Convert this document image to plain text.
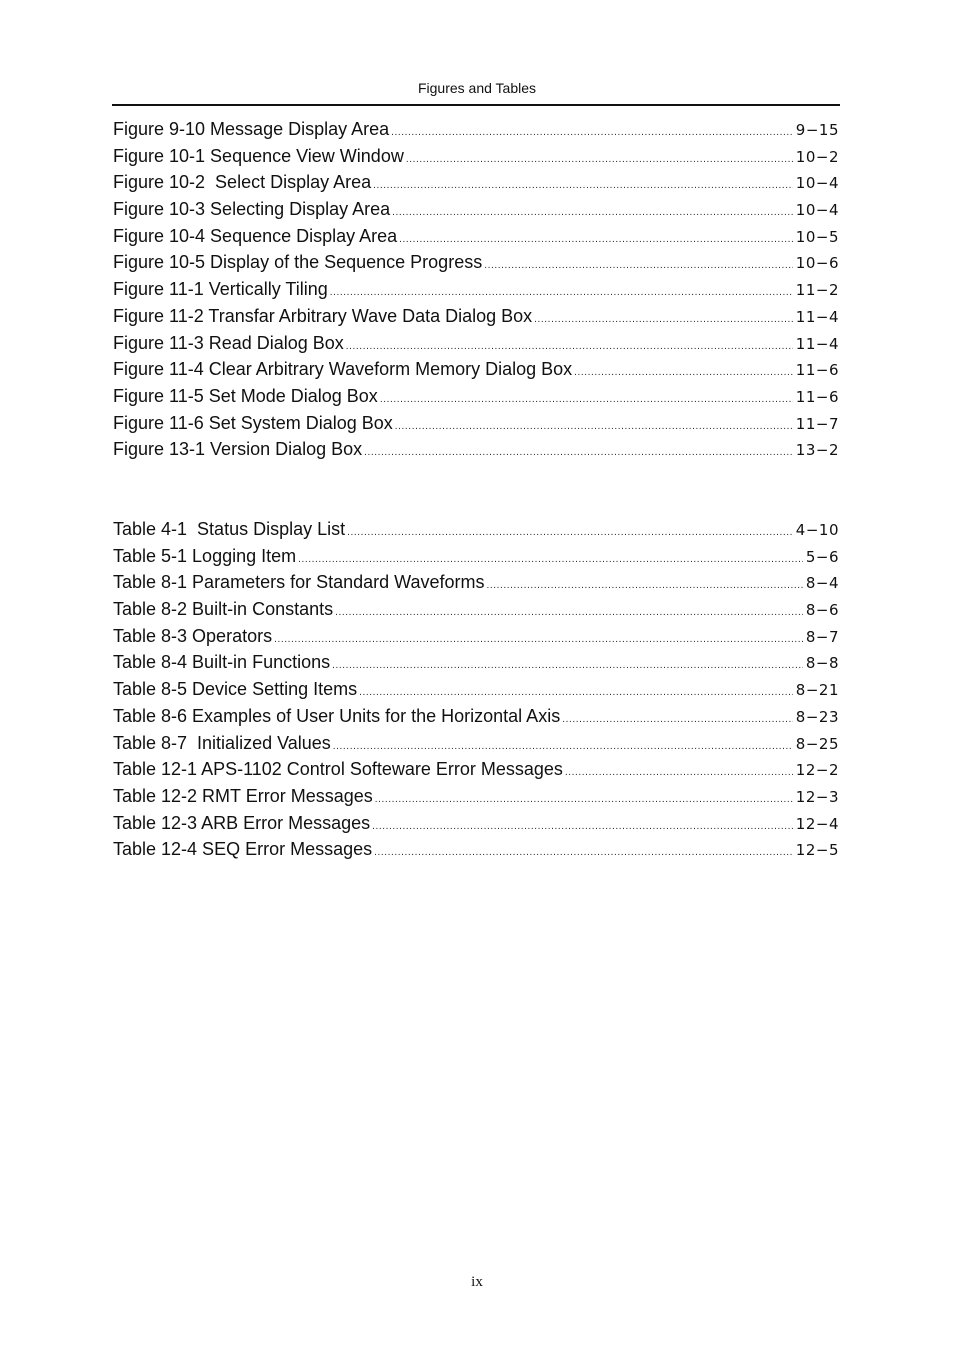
Figures and Tables
Figure 9-10 Message Display Area .....	9−15
Figure 10-1 Sequence View Window .....	10−2
Figure 10-2  Select Display Area .....	10−4
Figure 10-3 Selecting Display Area .....	10−4
Figure 10-4 Sequence Display Area .....	10−5
Figure 10-5 Display of the Sequence Progress .....	10−6
Figure 11-1 Vertically Tiling .....	11−2
Figure 11-2 Transfar Arbitrary Wave Data Dialog Box .....	11−4
Figure 11-3 Read Dialog Box .....	11−4
Figure 11-4 Clear Arbitrary Waveform Memory Dialog Box .....	11−6
Figure 11-5 Set Mode Dialog Box .....	11−6
Figure 11-6 Set System Dialog Box .....	11−7
Figure 13-1 Version Dialog Box .....	13−2
Table 4-1  Status Display List .....	4−10
Table 5-1 Logging Item .....	5−6
Table 8-1 Parameters for Standard Waveforms .....	8−4
Table 8-2 Built-in Constants .....	8−6
Table 8-3 Operators .....	8−7
Table 8-4 Built-in Functions .....	8−8
Table 8-5 Device Setting Items .....	8−21
Table 8-6 Examples of User Units for the Horizontal Axis .....	8−23
Table 8-7  Initialized Values .....	8−25
Table 12-1 APS-1102 Control Softeware Error Messages .....	12−2
Table 12-2 RMT Error Messages .....	12−3
Table 12-3 ARB Error Messages .....	12−4
Table 12-4 SEQ Error Messages .....	12−5
ix
